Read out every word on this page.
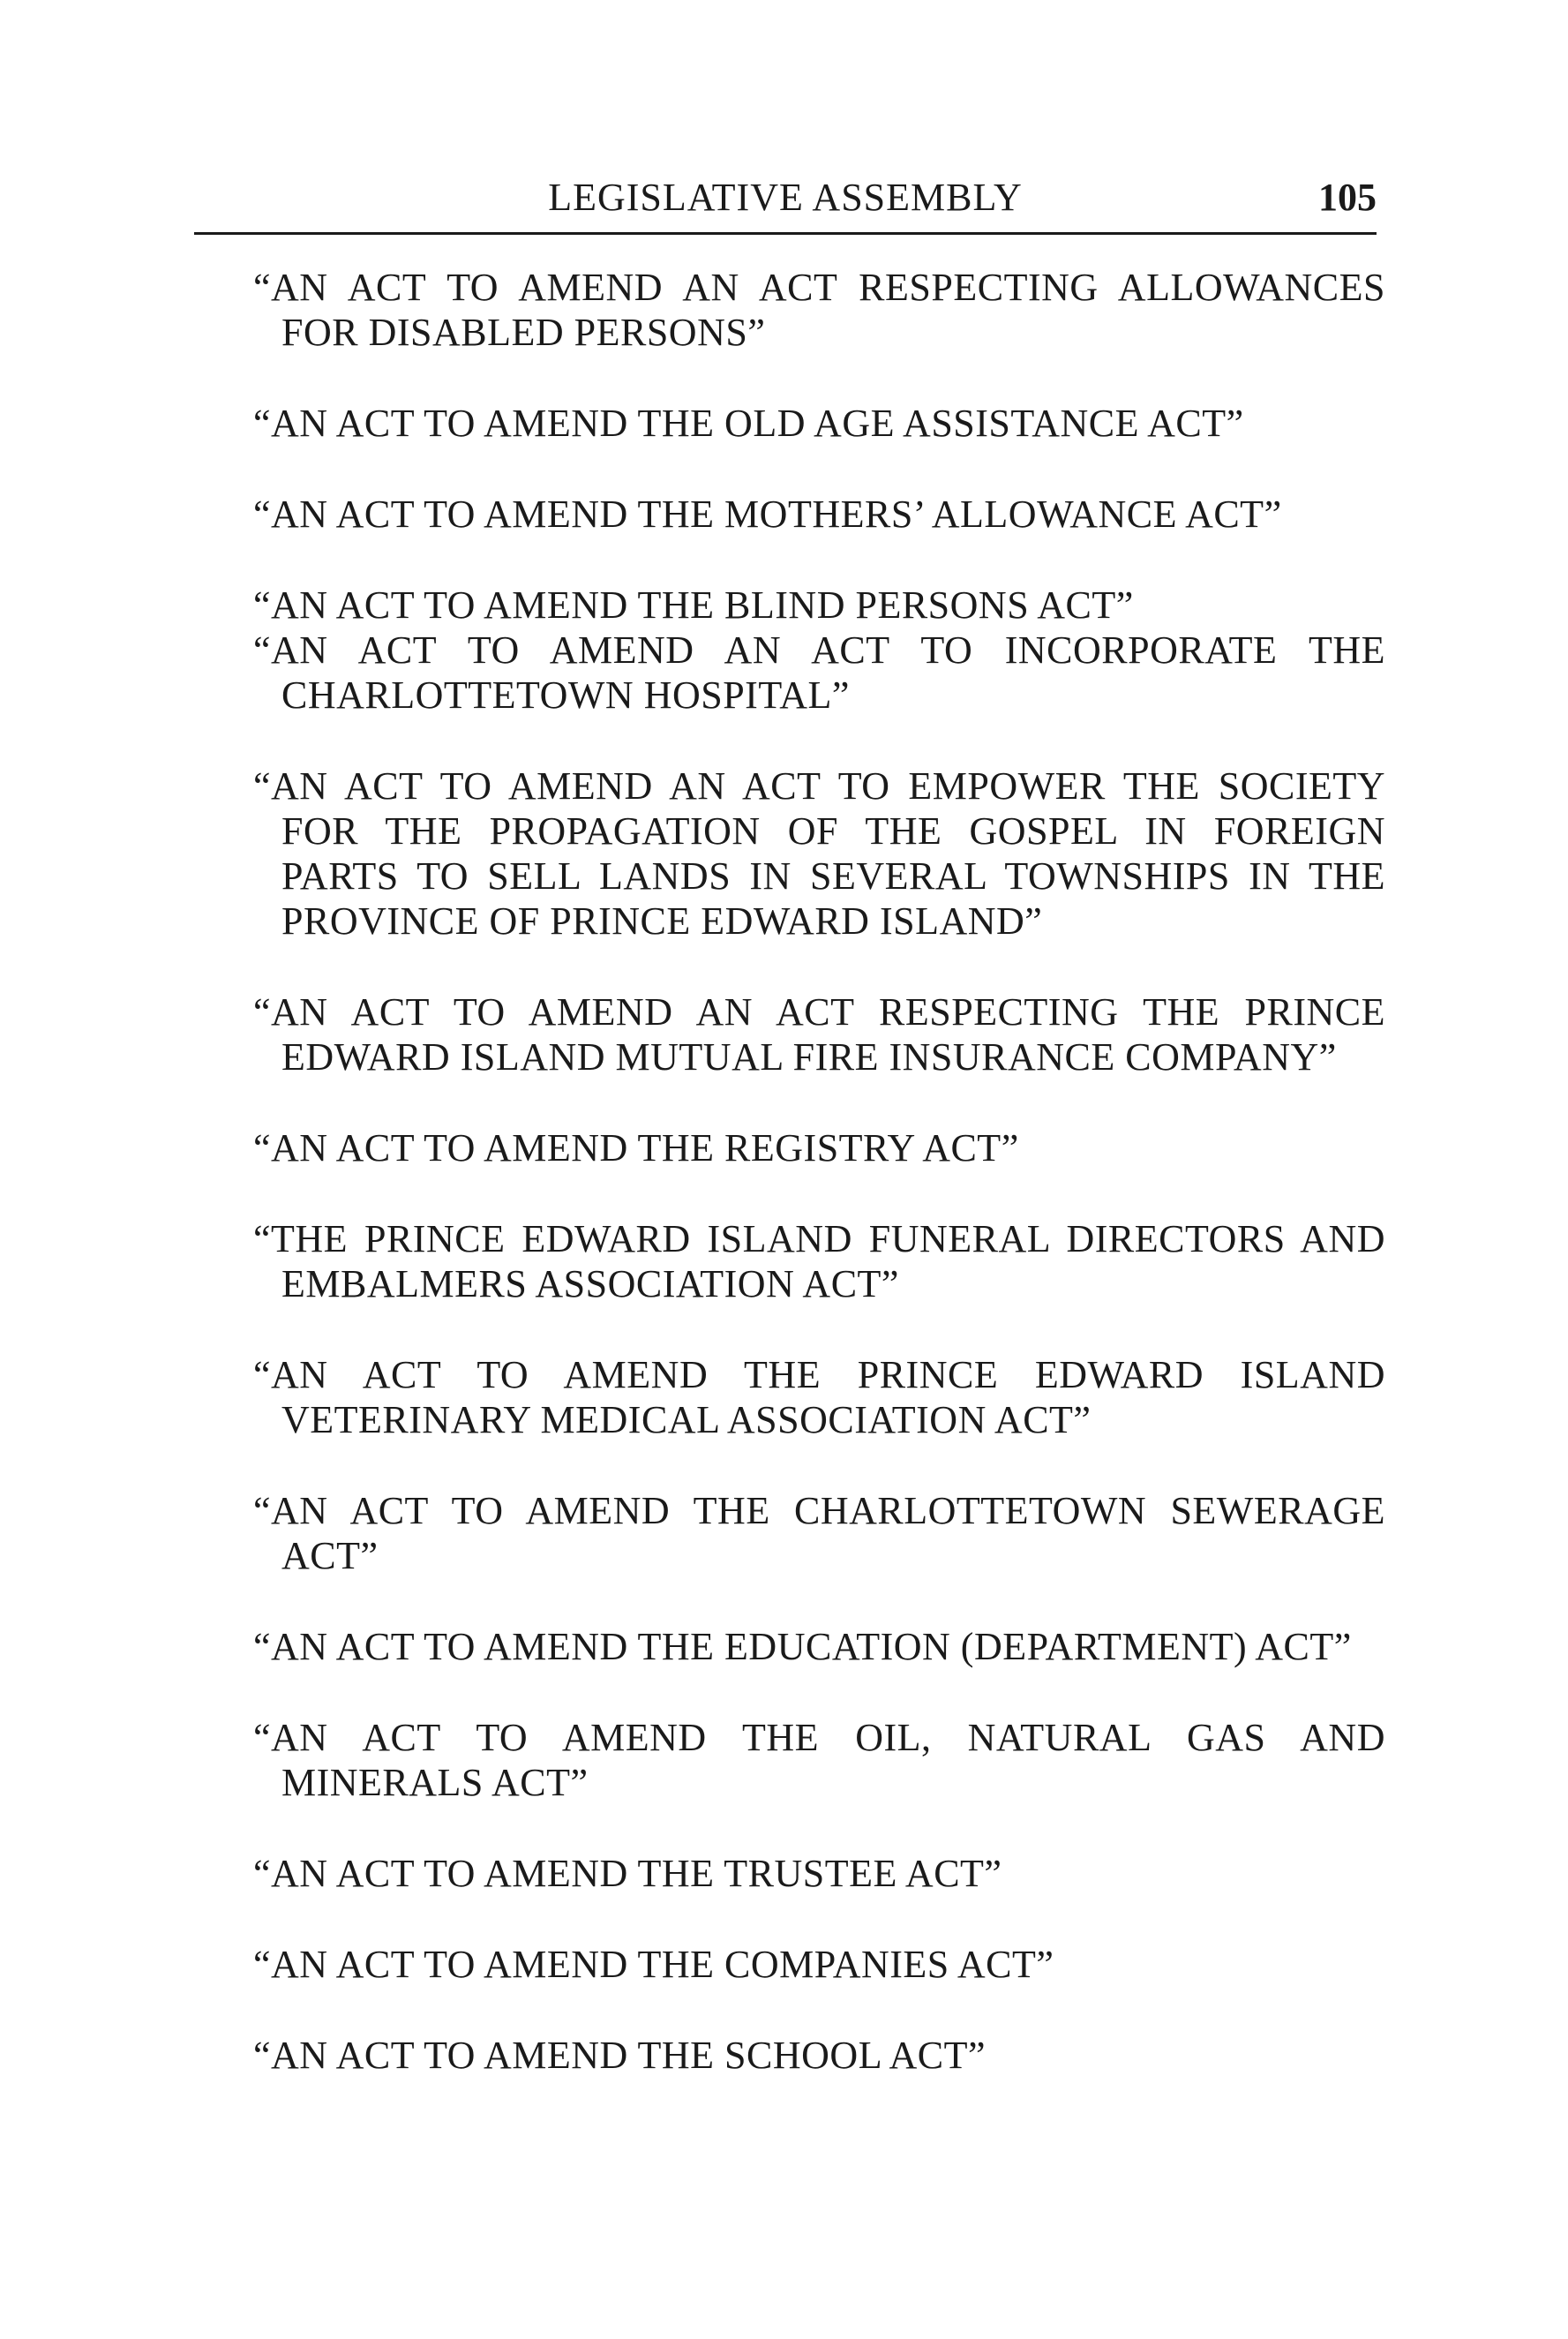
LEGISLATIVE ASSEMBLY	105
“AN ACT TO AMEND AN ACT RESPECTING ALLOWANCES FOR DISABLED PERSONS”
“AN ACT TO AMEND THE OLD AGE ASSISTANCE ACT”
“AN ACT TO AMEND THE MOTHERS’ ALLOWANCE ACT”
“AN ACT TO AMEND THE BLIND PERSONS ACT”
“AN ACT TO AMEND AN ACT TO INCORPORATE THE CHARLOTTETOWN HOSPITAL”
“AN ACT TO AMEND AN ACT TO EMPOWER THE SOCIETY FOR THE PROPAGATION OF THE GOSPEL IN FOREIGN PARTS TO SELL LANDS IN SEVERAL TOWNSHIPS IN THE PROVINCE OF PRINCE EDWARD ISLAND”
“AN ACT TO AMEND AN ACT RESPECTING THE PRINCE EDWARD ISLAND MUTUAL FIRE INSURANCE COMPANY”
“AN ACT TO AMEND THE REGISTRY ACT”
“THE PRINCE EDWARD ISLAND FUNERAL DIRECTORS AND EMBALMERS ASSOCIATION ACT”
“AN ACT TO AMEND THE PRINCE EDWARD ISLAND VETERINARY MEDICAL ASSOCIATION ACT”
“AN ACT TO AMEND THE CHARLOTTETOWN SEWERAGE ACT”
“AN ACT TO AMEND THE EDUCATION (DEPARTMENT) ACT”
“AN ACT TO AMEND THE OIL, NATURAL GAS AND MINERALS ACT”
“AN ACT TO AMEND THE TRUSTEE ACT”
“AN ACT TO AMEND THE COMPANIES ACT”
“AN ACT TO AMEND THE SCHOOL ACT”
